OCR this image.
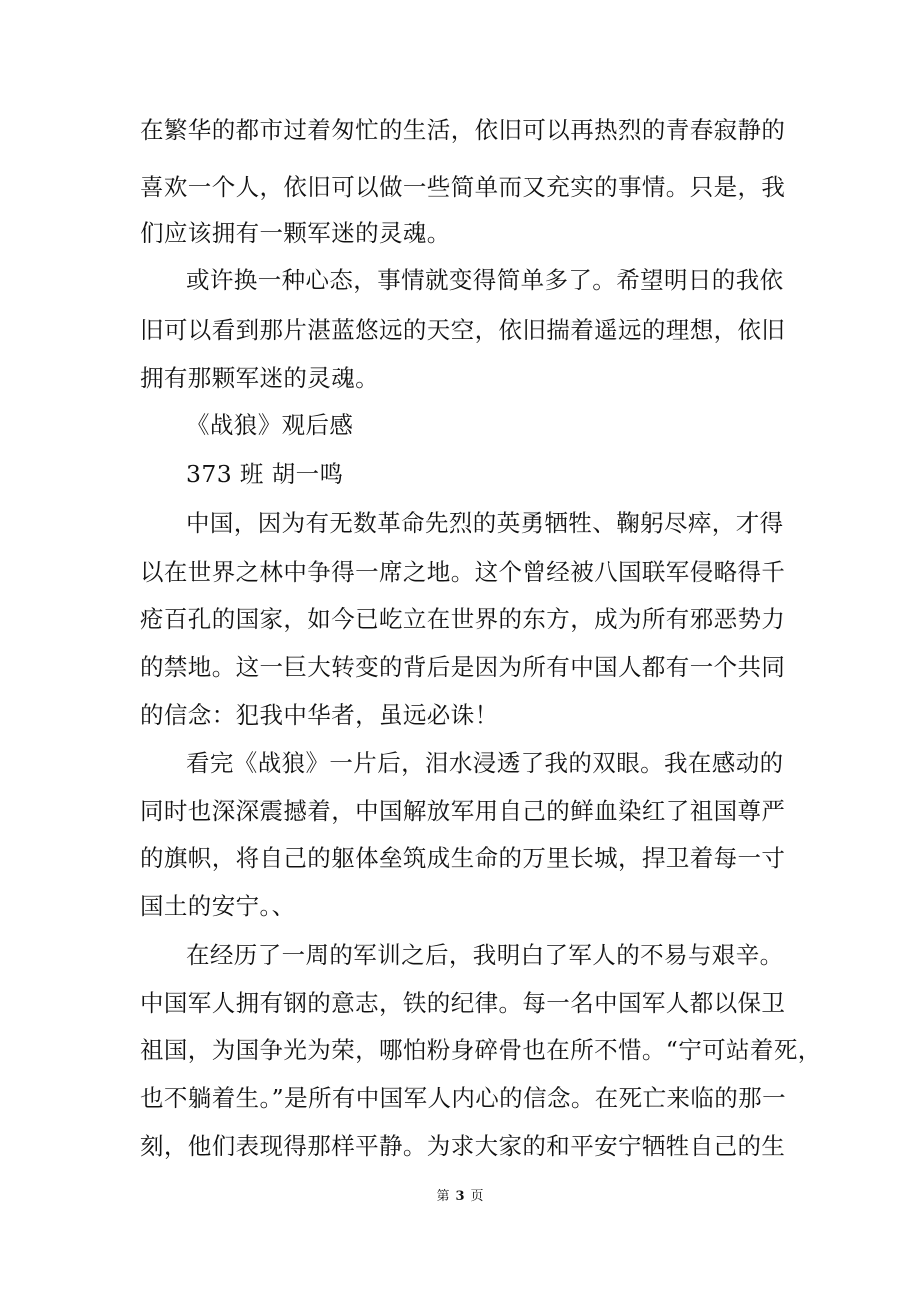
在繁华的都市过着匆忙的生活，依旧可以再热烈的青春寂静的
喜欢一个人，依旧可以做一些简单而又充实的事情。只是，我
们应该拥有一颗军迷的灵魂。
或许换一种心态，事情就变得简单多了。希望明日的我依
旧可以看到那片湛蓝悠远的天空，依旧揣着遥远的理想，依旧
拥有那颗军迷的灵魂。
《战狼》观后感
373 班 胡一鸣
中国，因为有无数革命先烈的英勇牺牲、鞠躬尽瘁，才得
以在世界之林中争得一席之地。这个曾经被八国联军侵略得千
疮百孔的国家，如今已屹立在世界的东方，成为所有邪恶势力
的禁地。这一巨大转变的背后是因为所有中国人都有一个共同
的信念：犯我中华者，虽远必诛！
看完《战狼》一片后，泪水浸透了我的双眼。我在感动的
同时也深深震撼着，中国解放军用自己的鲜血染红了祖国尊严
的旗帜，将自己的躯体垒筑成生命的万里长城，捍卫着每一寸
国土的安宁。、
在经历了一周的军训之后，我明白了军人的不易与艰辛。
中国军人拥有钢的意志，铁的纪律。每一名中国军人都以保卫
祖国，为国争光为荣，哪怕粉身碎骨也在所不惜。“宁可站着死，
也不躺着生。”是所有中国军人内心的信念。在死亡来临的那一
刻，他们表现得那样平静。为求大家的和平安宁牺牲自己的生
第 3 页
